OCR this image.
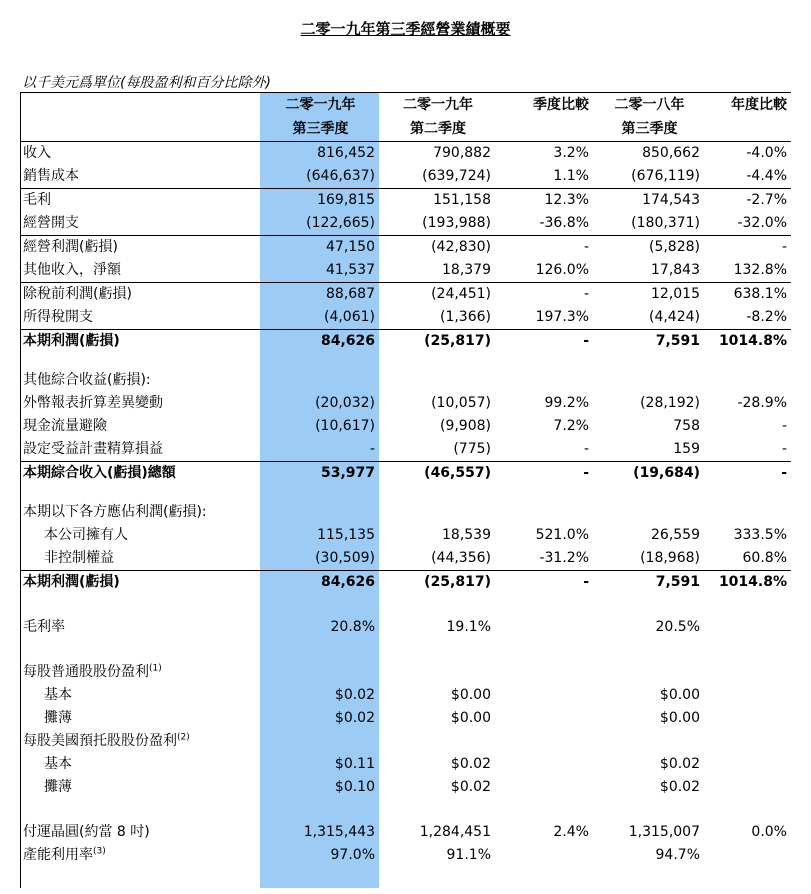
二零一九年第三季經營業績概要
以千美元爲單位(每股盈利和百分比除外)
	二零一九年	二零一九年	季度比較	二零一八年	年度比較
	第三季度	第二季度		第三季度	
收入	816,452	790,882	3.2%	850,662	-4.0%
銷售成本	(646,637)	(639,724)	1.1%	(676,119)	-4.4%
毛利	169,815	151,158	12.3%	174,543	-2.7%
經營開支	(122,665)	(193,988)	-36.8%	(180,371)	-32.0%
經營利潤(虧損)	47,150	(42,830)	-	(5,828)	-
其他收入，淨額	41,537	18,379	126.0%	17,843	132.8%
除稅前利潤(虧損)	88,687	(24,451)	-	12,015	638.1%
所得稅開支	(4,061)	(1,366)	197.3%	(4,424)	-8.2%
本期利潤(虧損)	84,626	(25,817)	-	7,591	1014.8%

其他綜合收益(虧損):					
外幣報表折算差異變動	(20,032)	(10,057)	99.2%	(28,192)	-28.9%
現金流量避險	(10,617)	(9,908)	7.2%	758	-
設定受益計畫精算損益	-	(775)	-	159	-
本期綜合收入(虧損)總額	53,977	(46,557)	-	(19,684)	-

本期以下各方應佔利潤(虧損):					
本公司擁有人	115,135	18,539	521.0%	26,559	333.5%
非控制權益	(30,509)	(44,356)	-31.2%	(18,968)	60.8%
本期利潤(虧損)	84,626	(25,817)	-	7,591	1014.8%

毛利率	20.8%	19.1%		20.5%	

每股普通股股份盈利$^{(1)}$
基本	$0.02	$0.00		$0.00	
攤薄	$0.02	$0.00		$0.00	
每股美國預托股股份盈利$^{(2)}$
基本	$0.11	$0.02		$0.02	
攤薄	$0.10	$0.02		$0.02	

付運晶圓(約當 8 吋)	1,315,443	1,284,451	2.4%	1,315,007	0.0%
產能利用率$^{(3)}$	97.0%	91.1%		94.7%	
